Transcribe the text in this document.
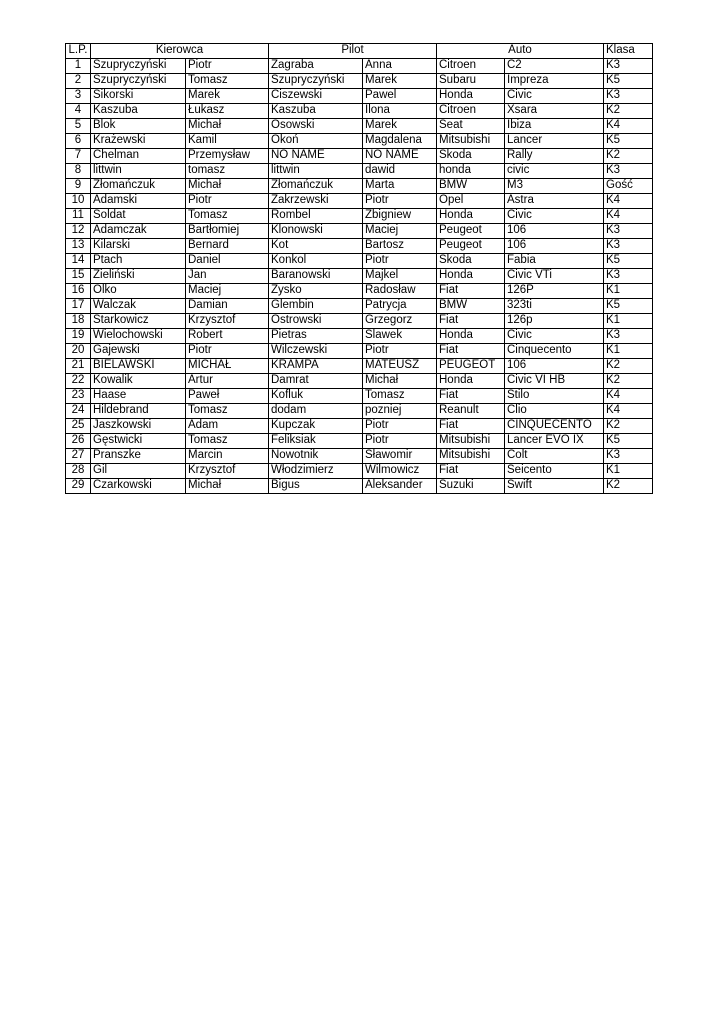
L.P.	Kierowca		Pilot		Auto		Klasa
1	Szupryczyński	Piotr	Zagraba	Anna	Citroen	C2	K3
2	Szupryczyński	Tomasz	Szupryczyński	Marek	Subaru	Impreza	K5
3	Sikorski	Marek	Ciszewski	Pawel	Honda	Civic	K3
4	Kaszuba	Łukasz	Kaszuba	Ilona	Citroen	Xsara	K2
5	Blok	Michał	Osowski	Marek	Seat	Ibiza	K4
6	Krażewski	Kamil	Okoń	Magdalena	Mitsubishi	Lancer	K5
7	Chelman	Przemysław	NO NAME	NO NAME	Skoda	Rally	K2
8	littwin	tomasz	littwin	dawid	honda	civic	K3
9	Złomańczuk	Michał	Złomańczuk	Marta	BMW	M3	Gość
10	Adamski	Piotr	Zakrzewski	Piotr	Opel	Astra	K4
11	Soldat	Tomasz	Rombel	Zbigniew	Honda	Civic	K4
12	Adamczak	Bartłomiej	Klonowski	Maciej	Peugeot	106	K3
13	Kilarski	Bernard	Kot	Bartosz	Peugeot	106	K3
14	Ptach	Daniel	Konkol	Piotr	Skoda	Fabia	K5
15	Zieliński	Jan	Baranowski	Majkel	Honda	Civic VTi	K3
16	Olko	Maciej	Żysko	Radosław	Fiat	126P	K1
17	Walczak	Damian	Glembin	Patrycja	BMW	323ti	K5
18	Starkowicz	Krzysztof	Ostrowski	Grzegorz	Fiat	126p	K1
19	Wielochowski	Robert	Pietras	Slawek	Honda	Civic	K3
20	Gajewski	Piotr	Wilczewski	Piotr	Fiat	Cinquecento	K1
21	BIELAWSKI	MICHAŁ	KRAMPA	MATEUSZ	PEUGEOT	106	K2
22	Kowalik	Artur	Damrat	Michał	Honda	Civic VI HB	K2
23	Haase	Paweł	Kofluk	Tomasz	Fiat	Stilo	K4
24	Hildebrand	Tomasz	dodam	pozniej	Reanult	Clio	K4
25	Jaszkowski	Adam	Kupczak	Piotr	Fiat	CINQUECENTO	K2
26	Gęstwicki	Tomasz	Feliksiak	Piotr	Mitsubishi	Lancer EVO IX	K5
27	Pranszke	Marcin	Nowotnik	Sławomir	Mitsubishi	Colt	K3
28	Gil	Krzysztof	Włodzimierz	Wilmowicz	Fiat	Seicento	K1
29	Czarkowski	Michał	Bigus	Aleksander	Suzuki	Swift	K2
